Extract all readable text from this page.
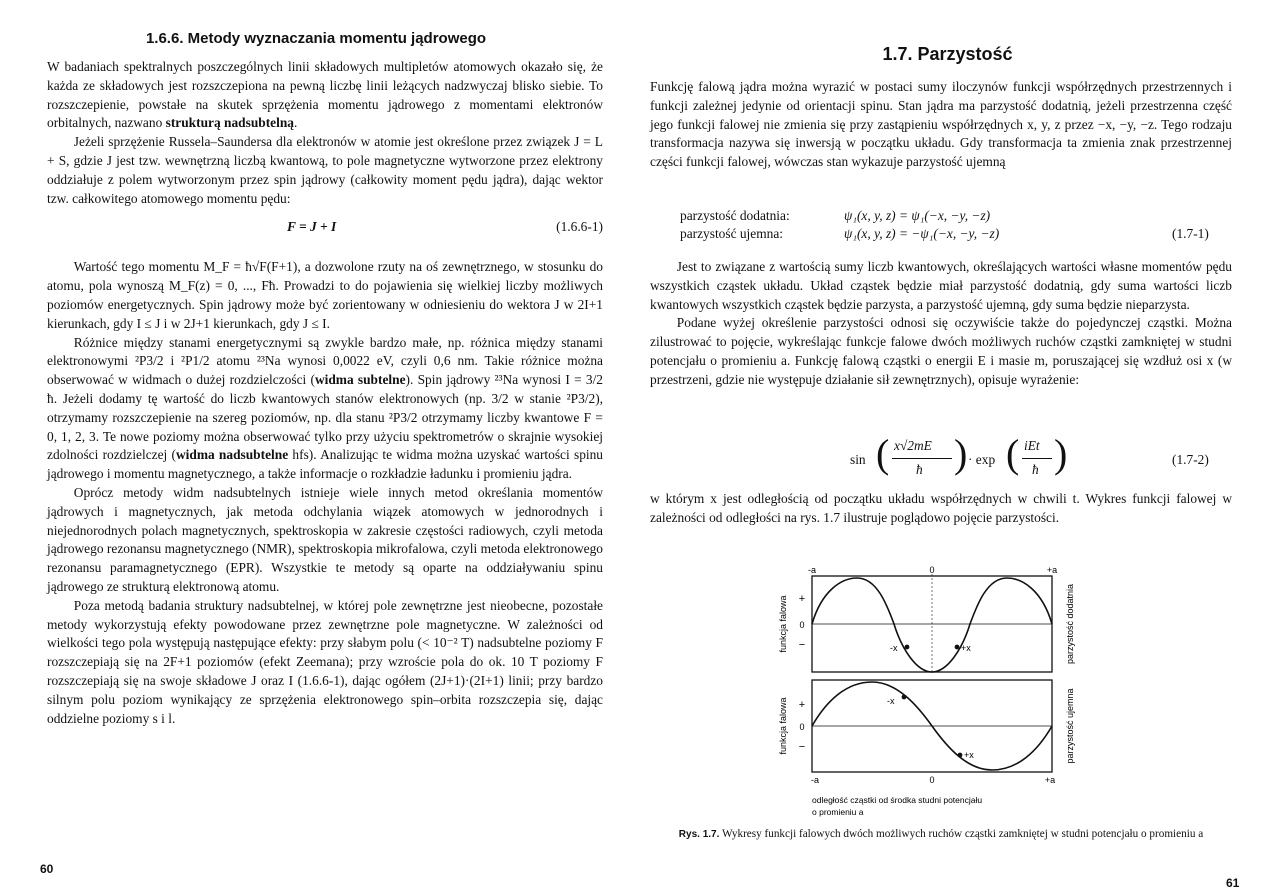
1.6.6. Metody wyznaczania momentu jądrowego

W badaniach spektralnych poszczególnych linii składowych multipletów atomowych okazało się, że każda ze składowych jest rozszczepiona na pewną liczbę linii leżących nadzwyczaj blisko siebie. To rozszczepienie, powstałe na skutek sprzężenia momentu jądrowego z momentami elektronów orbitalnych, nazwano strukturą nadsubtelną.

Jeżeli sprzężenie Russela–Saundersa dla elektronów w atomie jest określone przez związek J = L + S, gdzie J jest tzw. wewnętrzną liczbą kwantową, to pole magnetyczne wytworzone przez elektrony oddziałuje z polem wytworzonym przez spin jądrowy (całkowity moment pędu jądra), dając wektor tzw. całkowitego atomowego momentu pędu:

F = J + I	(1.6.6-1)

Wartość tego momentu M_F = ħ√F(F+1), a dozwolone rzuty na oś zewnętrznego, w stosunku do atomu, pola wynoszą M_F(z) = 0, ..., Fħ. Prowadzi to do pojawienia się wielkiej liczby możliwych poziomów energetycznych. Spin jądrowy może być zorientowany w odniesieniu do wektora J w 2I+1 kierunkach, gdy I ≤ J i w 2J+1 kierunkach, gdy J ≤ I.

Różnice między stanami energetycznymi są zwykle bardzo małe, np. różnica między stanami elektronowymi ²P3/2 i ²P1/2 atomu ²³Na wynosi 0,0022 eV, czyli 0,6 nm. Takie różnice można obserwować w widmach o dużej rozdzielczości (widma subtelne). Spin jądrowy ²³Na wynosi I = 3/2 ħ. Jeżeli dodamy tę wartość do liczb kwantowych stanów elektronowych (np. 3/2 w stanie ²P3/2), otrzymamy rozszczepienie na szereg poziomów, np. dla stanu ²P3/2 otrzymamy liczby kwantowe F = 0, 1, 2, 3. Te nowe poziomy można obserwować tylko przy użyciu spektrometrów o skrajnie wysokiej zdolności rozdzielczej (widma nadsubtelne hfs). Analizując te widma można uzyskać wartości spinu jądrowego i momentu magnetycznego, a także informacje o rozkładzie ładunku i promieniu jądra.

Oprócz metody widm nadsubtelnych istnieje wiele innych metod określania momentów jądrowych i magnetycznych, jak metoda odchylania wiązek atomowych w jednorodnych i niejednorodnych polach magnetycznych, spektroskopia w zakresie częstości radiowych, czyli metoda jądrowego rezonansu magnetycznego (NMR), spektroskopia mikrofalowa, czyli metoda elektronowego rezonansu paramagnetycznego (EPR). Wszystkie te metody są oparte na oddziaływaniu spinu jądrowego ze strukturą elektronową atomu.

Poza metodą badania struktury nadsubtelnej, w której pole zewnętrzne jest nieobecne, pozostałe metody wykorzystują efekty powodowane przez zewnętrzne pole magnetyczne. W zależności od wielkości tego pola występują następujące efekty: przy słabym polu (< 10⁻² T) nadsubtelne poziomy F rozszczepiają się na 2F+1 poziomów (efekt Zeemana); przy wzroście pola do ok. 10 T poziomy F rozszczepiają się na swoje składowe J oraz I (1.6.6-1), dając ogółem (2J+1)·(2I+1) linii; przy bardzo silnym polu poziom wynikający ze sprzężenia elektronowego spin–orbita rozszczepia się, dając oddzielne poziomy s i l.

60
1.7. Parzystość

Funkcję falową jądra można wyrazić w postaci sumy iloczynów funkcji współrzędnych przestrzennych i funkcji zależnej jedynie od orientacji spinu. Stan jądra ma parzystość dodatnią, jeżeli przestrzenna część jego funkcji falowej nie zmienia się przy zastąpieniu współrzędnych x, y, z przez −x, −y, −z. Tego rodzaju transformacja nazywa się inwersją w początku układu. Gdy transformacja ta zmienia znak przestrzennej części funkcji falowej, wówczas stan wykazuje parzystość ujemną

parzystość dodatnia:	ψ₁(x, y, z) = ψ₁(−x, −y, −z)
parzystość ujemna:	ψ₁(x, y, z) = −ψ₁(−x, −y, −z)	(1.7-1)

Jest to związane z wartością sumy liczb kwantowych, określających wartości własne momentów pędu wszystkich cząstek układu. Układ cząstek będzie miał parzystość dodatnią, gdy suma wartości liczb kwantowych wszystkich cząstek będzie parzysta, a parzystość ujemną, gdy suma będzie nieparzysta.

Podane wyżej określenie parzystości odnosi się oczywiście także do pojedynczej cząstki. Można zilustrować to pojęcie, wykreślając funkcje falowe dwóch możliwych ruchów cząstki zamkniętej w studni potencjału o promieniu a. Funkcję falową cząstki o energii E i masie m, poruszającej się wzdłuż osi x (w przestrzeni, gdzie nie występuje działanie sił zewnętrznych), opisuje wyrażenie:

sin ( x√2mE
ħ ) · exp ( iEt
ħ )	(1.7-2)

w którym x jest odległością od początku układu współrzędnych w chwili t. Wykres funkcji falowej w zależności od odległości na rys. 1.7 ilustruje poglądowo pojęcie parzystości.

-a	0	+a
-x	+x
+
0
−
funkcja falowa	parzystość dodatnia
-x
+x
+
0
−
funkcja falowa	parzystość ujemna
-a	0	+a
odległość cząstki od środka studni potencjału
o promieniu a
Rys. 1.7. Wykresy funkcji falowych dwóch możliwych ruchów cząstki zamkniętej w studni potencjału o promieniu a
61
